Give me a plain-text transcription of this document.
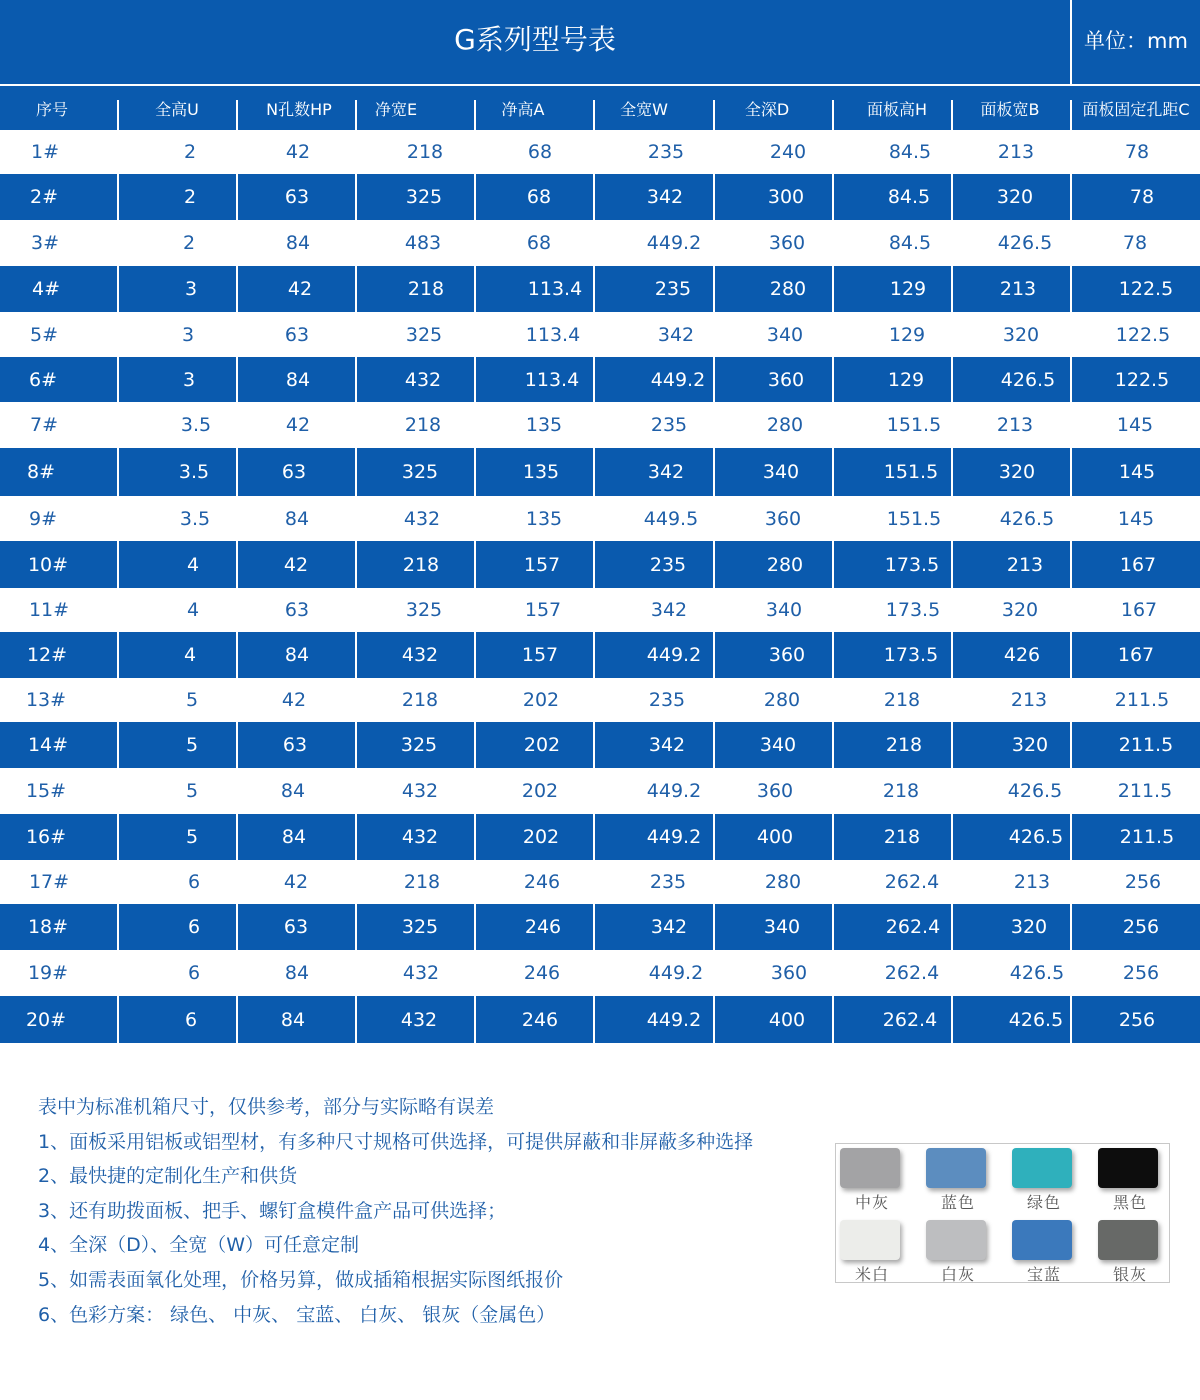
G系列型号表	单位：mm
序号	全高U	N孔数HP	净宽E	净高A	全宽W	全深D	面板高H	面板宽B	面板固定孔距C
1#	2	42	218	68	235	240	84.5	213	78
2#	2	63	325	68	342	300	84.5	320	78
3#	2	84	483	68	449.2	360	84.5	426.5	78
4#	3	42	218	113.4	235	280	129	213	122.5
5#	3	63	325	113.4	342	340	129	320	122.5
6#	3	84	432	113.4	449.2	360	129	426.5	122.5
7#	3.5	42	218	135	235	280	151.5	213	145
8#	3.5	63	325	135	342	340	151.5	320	145
9#	3.5	84	432	135	449.5	360	151.5	426.5	145
10#	4	42	218	157	235	280	173.5	213	167
11#	4	63	325	157	342	340	173.5	320	167
12#	4	84	432	157	449.2	360	173.5	426	167
13#	5	42	218	202	235	280	218	213	211.5
14#	5	63	325	202	342	340	218	320	211.5
15#	5	84	432	202	449.2	360	218	426.5	211.5
16#	5	84	432	202	449.2	400	218	426.5	211.5
17#	6	42	218	246	235	280	262.4	213	256
18#	6	63	325	246	342	340	262.4	320	256
19#	6	84	432	246	449.2	360	262.4	426.5	256
20#	6	84	432	246	449.2	400	262.4	426.5	256
表中为标准机箱尺寸，仅供参考，部分与实际略有误差
1、面板采用铝板或铝型材，有多种尺寸规格可供选择，可提供屏蔽和非屏蔽多种选择
2、最快捷的定制化生产和供货
3、还有助拨面板、把手、螺钉盒模件盒产品可供选择；
4、全深（D）、全宽（W）可任意定制
5、如需表面氧化处理，价格另算，做成插箱根据实际图纸报价
6、色彩方案： 绿色、 中灰、 宝蓝、 白灰、 银灰（金属色）
中灰	蓝色	绿色	黑色
米白	白灰	宝蓝	银灰
